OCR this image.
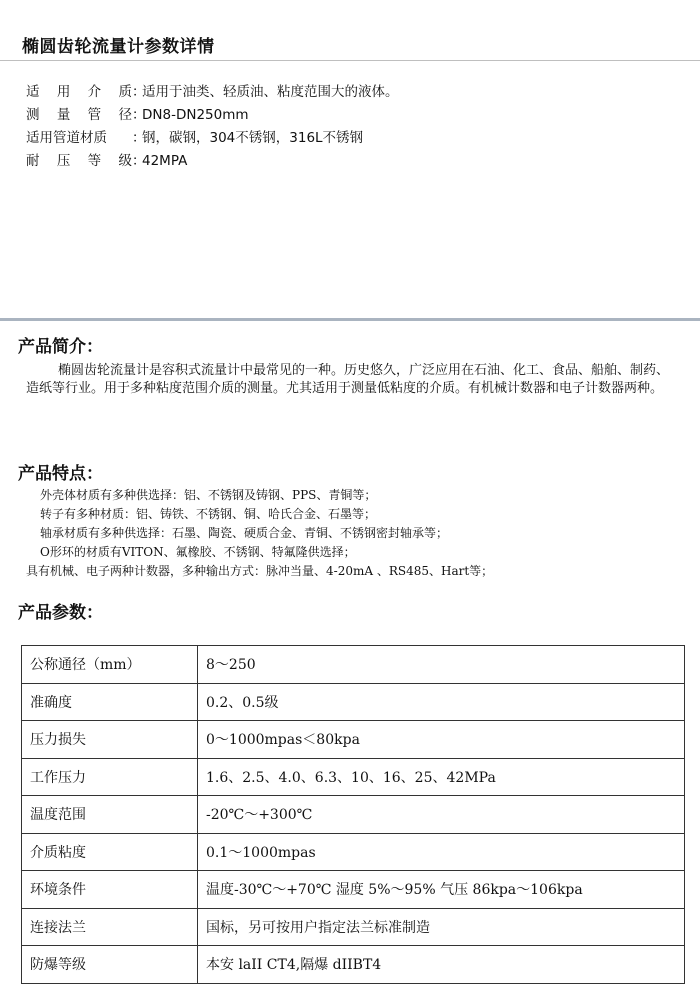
椭圆齿轮流量计参数详情
适 用 介 质 ：
适用于油类、轻质油、粘度范围大的液体。
测 量 管 径 ：
DN8-DN250mm
适用管道材质 ：
钢，碳钢，304不锈钢，316L不锈钢
耐 压 等 级 ：
42MPA
产品简介：
椭圆齿轮流量计是容积式流量计中最常见的一种。历史悠久，广泛应用在石油、化工、食品、船舶、制药、造纸等行业。用于多种粘度范围介质的测量。尤其适用于测量低粘度的介质。有机械计数器和电子计数器两种。
产品特点：
外壳体材质有多种供选择：铝、不锈钢及铸钢、PPS、青铜等；
转子有多种材质：铝、铸铁、不锈钢、铜、哈氏合金、石墨等；
轴承材质有多种供选择：石墨、陶瓷、硬质合金、青铜、不锈钢密封轴承等；
O形环的材质有VITON、氟橡胶、不锈钢、特氟隆供选择；
具有机械、电子两种计数器，多种输出方式：脉冲当量、4-20mA 、RS485、Hart等；
产品参数：
公称通径（mm）	8～250
准确度	0.2、0.5级
压力损失	0～1000mpas＜80kpa
工作压力	1.6、2.5、4.0、6.3、10、16、25、42MPa
温度范围	-20℃～+300℃
介质粘度	0.1～1000mpas
环境条件	温度-30℃～+70℃ 湿度 5%～95% 气压 86kpa～106kpa
连接法兰	国标，另可按用户指定法兰标准制造
防爆等级	本安 laII CT4,隔爆 dIIBT4
